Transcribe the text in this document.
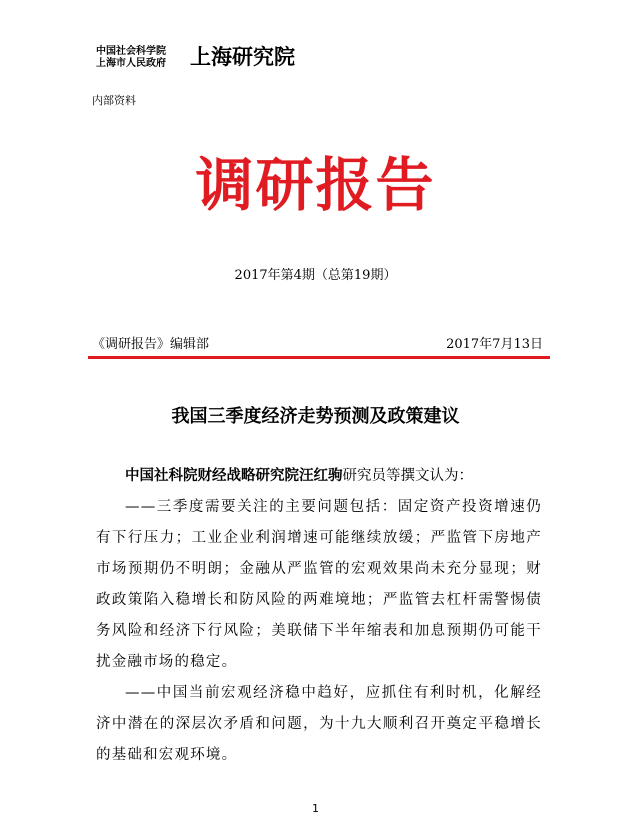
中国社会科学院
上海市人民政府 上海研究院
内部资料
调研报告
2017年第4期（总第19期）
《调研报告》编辑部	2017年7月13日
我国三季度经济走势预测及政策建议

中国社科院财经战略研究院汪红驹研究员等撰文认为：

——三季度需要关注的主要问题包括：固定资产投资增速仍有下行压力；工业企业利润增速可能继续放缓；严监管下房地产市场预期仍不明朗；金融从严监管的宏观效果尚未充分显现；财政政策陷入稳增长和防风险的两难境地；严监管去杠杆需警惕债务风险和经济下行风险；美联储下半年缩表和加息预期仍可能干扰金融市场的稳定。

——中国当前宏观经济稳中趋好，应抓住有利时机，化解经济中潜在的深层次矛盾和问题，为十九大顺利召开奠定平稳增长的基础和宏观环境。

1
